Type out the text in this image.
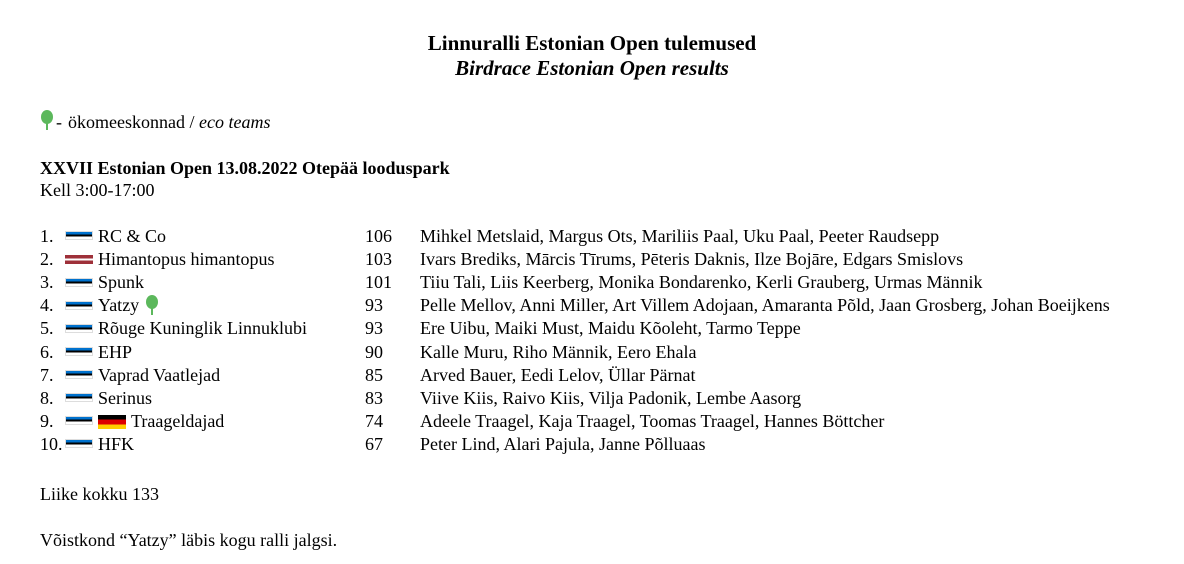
Linnuralli Estonian Open tulemused
Birdrace Estonian Open results
- ökomeeskonnad / eco teams
XXVII Estonian Open 13.08.2022 Otepää looduspark
Kell 3:00-17:00
1.	RC & Co	106	Mihkel Metslaid, Margus Ots, Mariliis Paal, Uku Paal, Peeter Raudsepp
2.	Himantopus himantopus	103	Ivars Brediks, Mārcis Tīrums, Pēteris Daknis, Ilze Bojāre, Edgars Smislovs
3.	Spunk	101	Tiiu Tali, Liis Keerberg, Monika Bondarenko, Kerli Grauberg, Urmas Männik
4.	Yatzy	93	Pelle Mellov, Anni Miller, Art Villem Adojaan, Amaranta Põld, Jaan Grosberg, Johan Boeijkens
5.	Rõuge Kuninglik Linnuklubi	93	Ere Uibu, Maiki Must, Maidu Kõoleht, Tarmo Teppe
6.	EHP	90	Kalle Muru, Riho Männik, Eero Ehala
7.	Vaprad Vaatlejad	85	Arved Bauer, Eedi Lelov, Üllar Pärnat
8.	Serinus	83	Viive Kiis, Raivo Kiis, Vilja Padonik, Lembe Aasorg
9.	Traageldajad	74	Adeele Traagel, Kaja Traagel, Toomas Traagel, Hannes Böttcher
10.	HFK	67	Peter Lind, Alari Pajula, Janne Põlluaas
Liike kokku 133
Võistkond “Yatzy” läbis kogu ralli jalgsi.
